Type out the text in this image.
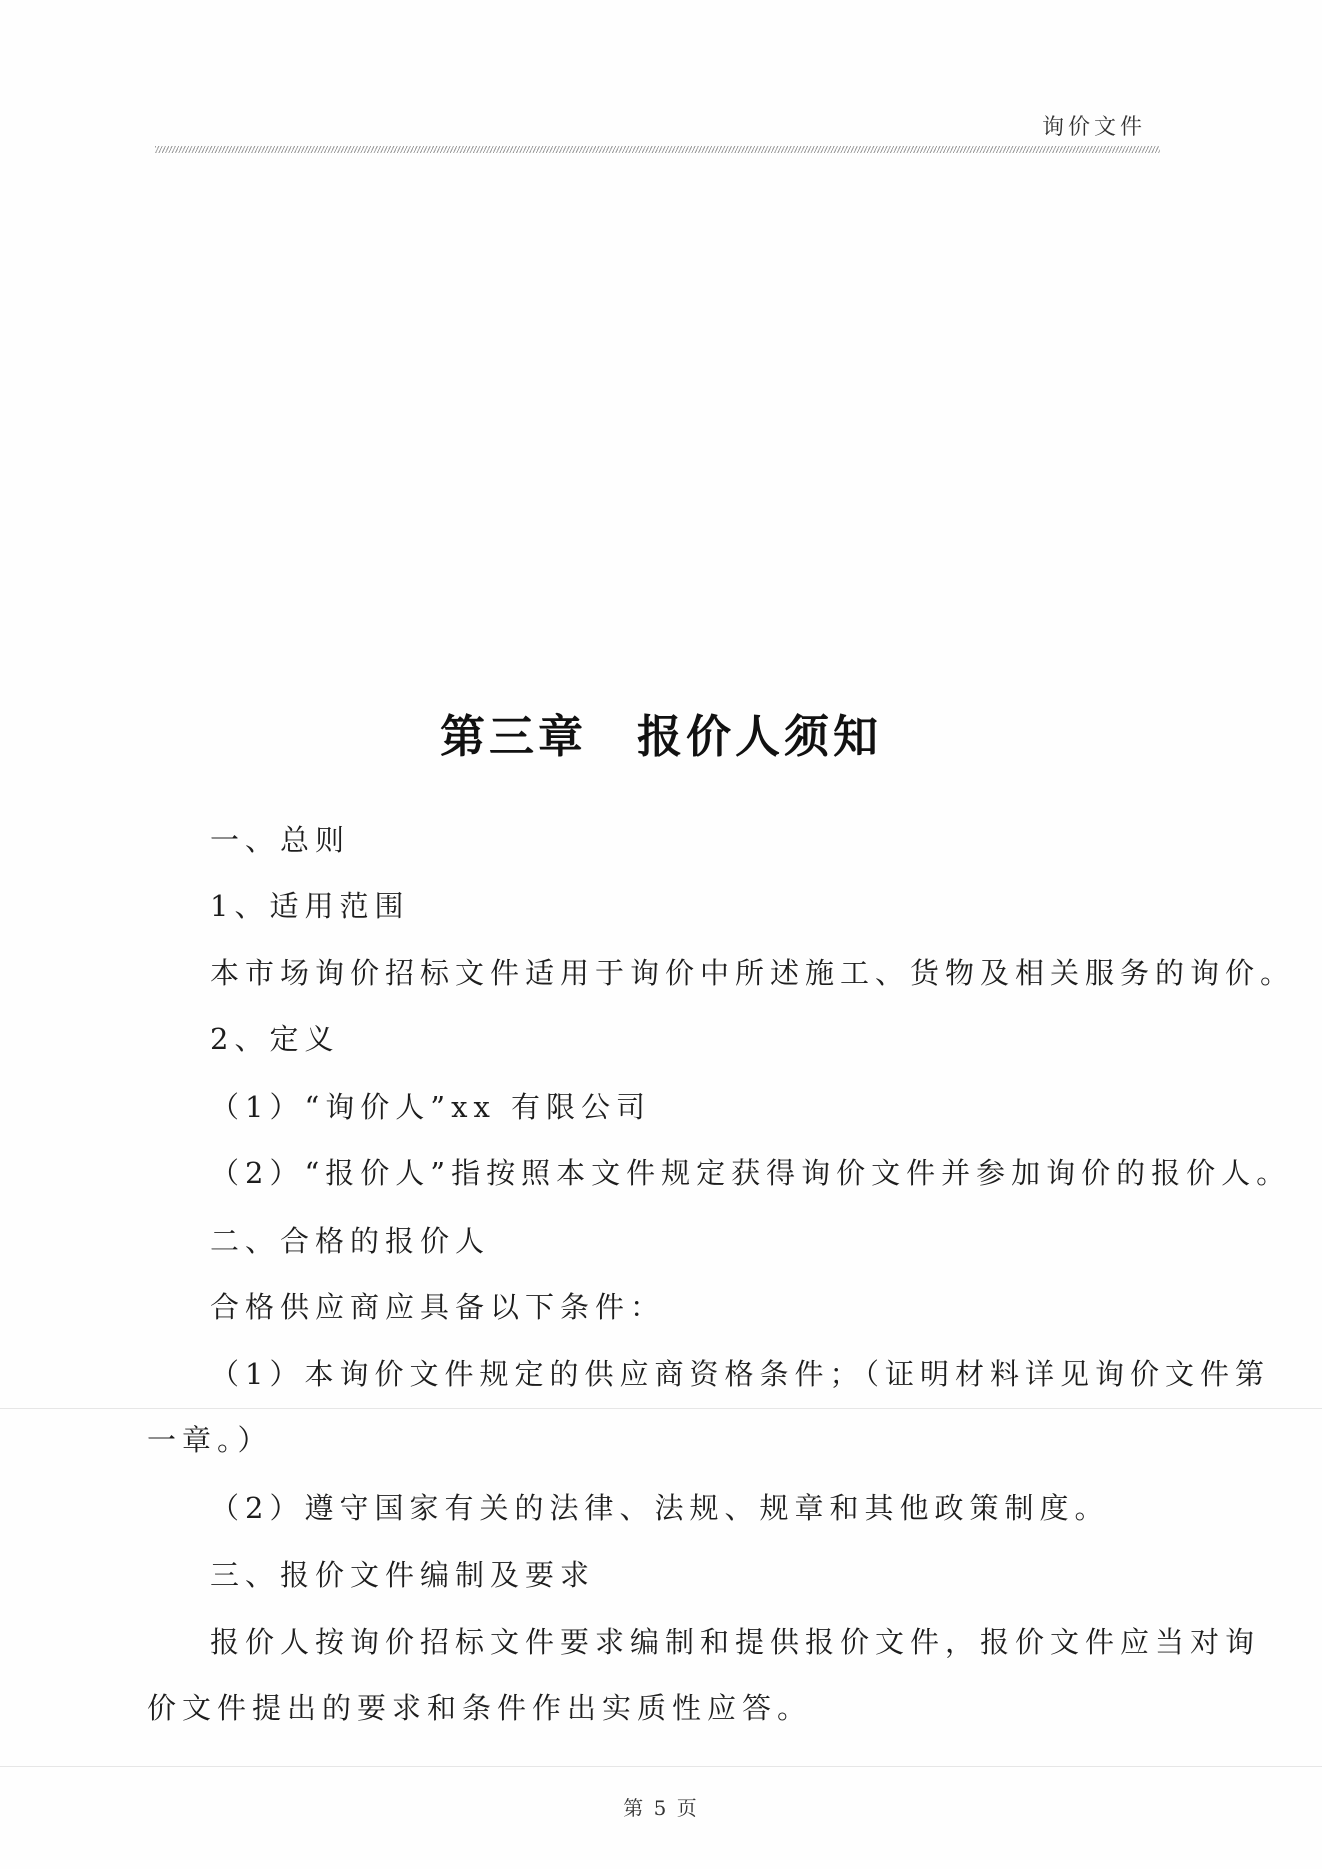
询价文件
第三章 报价人须知
一、总则
1、适用范围
本市场询价招标文件适用于询价中所述施工、货物及相关服务的询价。
2、定义
（1）“询价人”xx 有限公司
（2）“报价人”指按照本文件规定获得询价文件并参加询价的报价人。
二、合格的报价人
合格供应商应具备以下条件：
（1）本询价文件规定的供应商资格条件；（证明材料详见询价文件第
一章。）
（2）遵守国家有关的法律、法规、规章和其他政策制度。
三、报价文件编制及要求
报价人按询价招标文件要求编制和提供报价文件，报价文件应当对询
价文件提出的要求和条件作出实质性应答。
第 5 页
